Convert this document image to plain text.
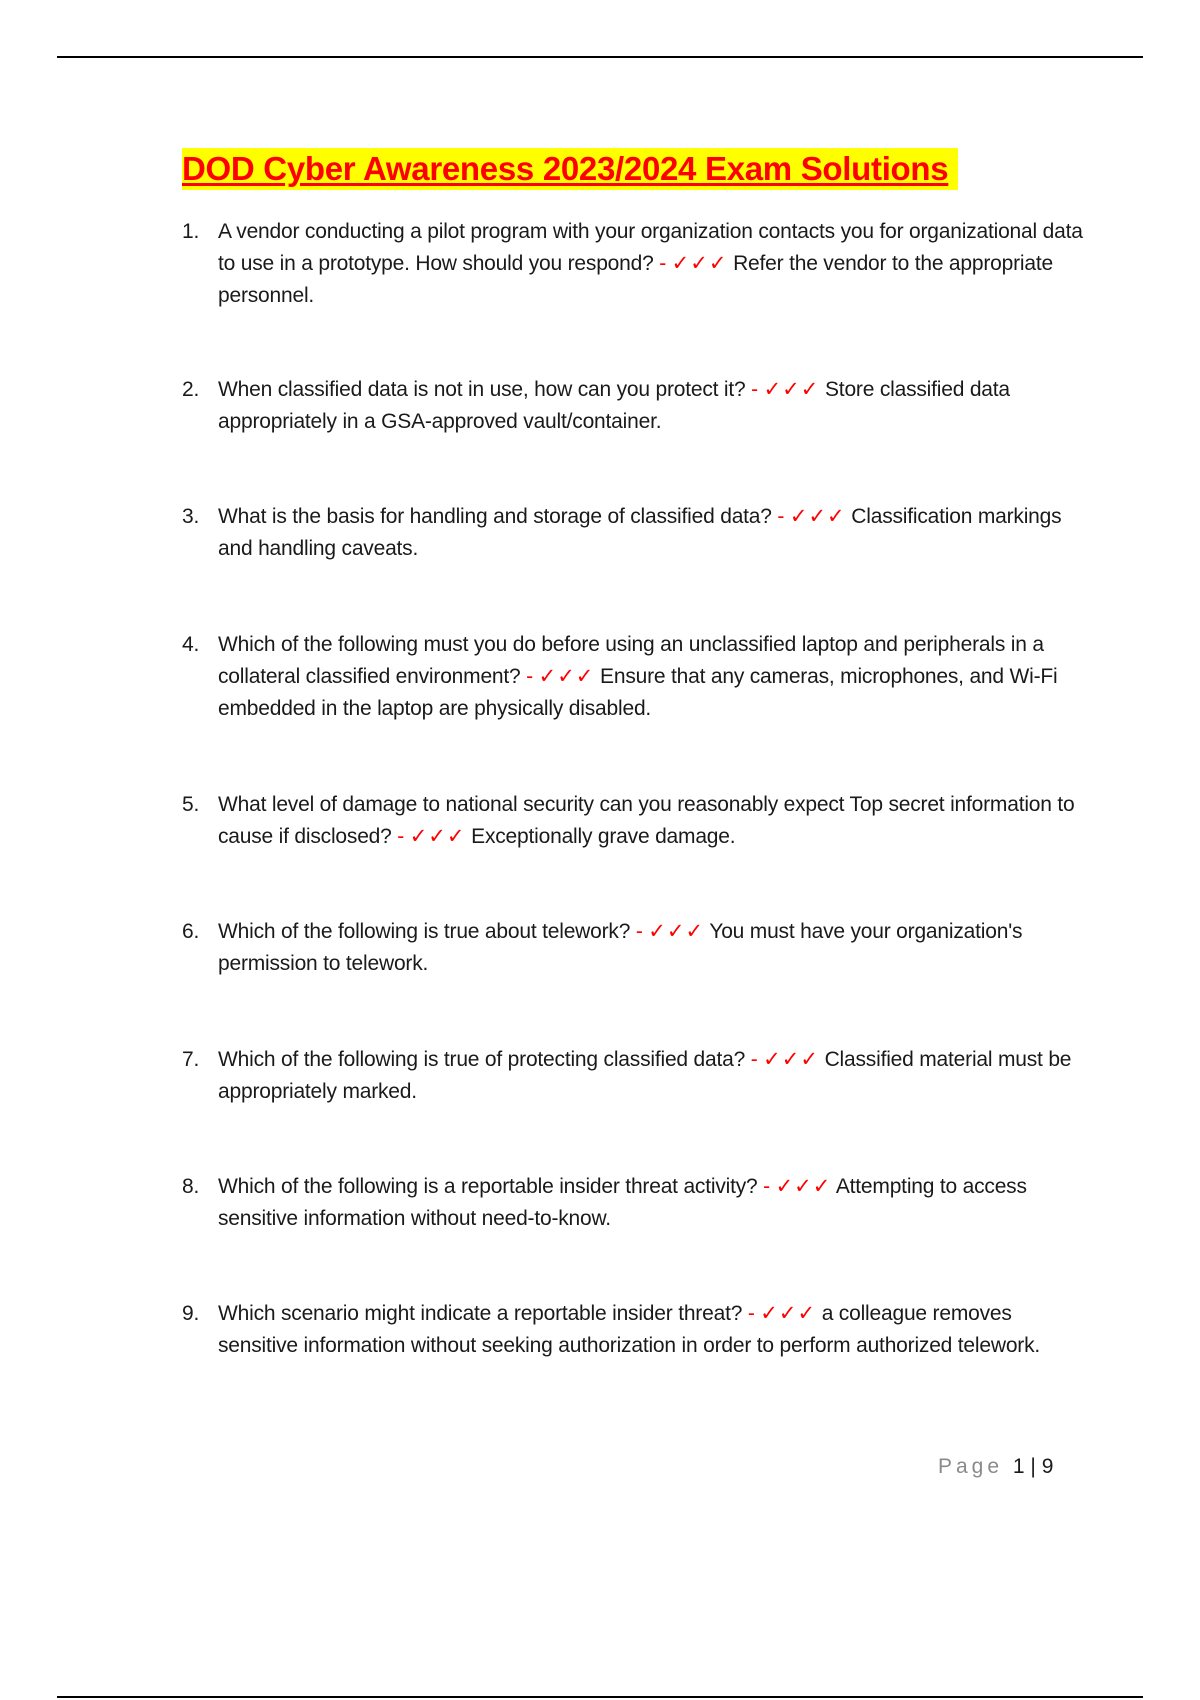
DOD Cyber Awareness 2023/2024 Exam Solutions
1. A vendor conducting a pilot program with your organization contacts you for organizational data to use in a prototype. How should you respond? - ✓✓✓ Refer the vendor to the appropriate personnel.
2. When classified data is not in use, how can you protect it? - ✓✓✓ Store classified data appropriately in a GSA-approved vault/container.
3. What is the basis for handling and storage of classified data? - ✓✓✓ Classification markings and handling caveats.
4. Which of the following must you do before using an unclassified laptop and peripherals in a collateral classified environment? - ✓✓✓ Ensure that any cameras, microphones, and Wi-Fi embedded in the laptop are physically disabled.
5. What level of damage to national security can you reasonably expect Top secret information to cause if disclosed? - ✓✓✓ Exceptionally grave damage.
6. Which of the following is true about telework? - ✓✓✓ You must have your organization's permission to telework.
7. Which of the following is true of protecting classified data? - ✓✓✓ Classified material must be appropriately marked.
8. Which of the following is a reportable insider threat activity? - ✓✓✓ Attempting to access sensitive information without need-to-know.
9. Which scenario might indicate a reportable insider threat? - ✓✓✓ a colleague removes sensitive information without seeking authorization in order to perform authorized telework.
Page 1 | 9
